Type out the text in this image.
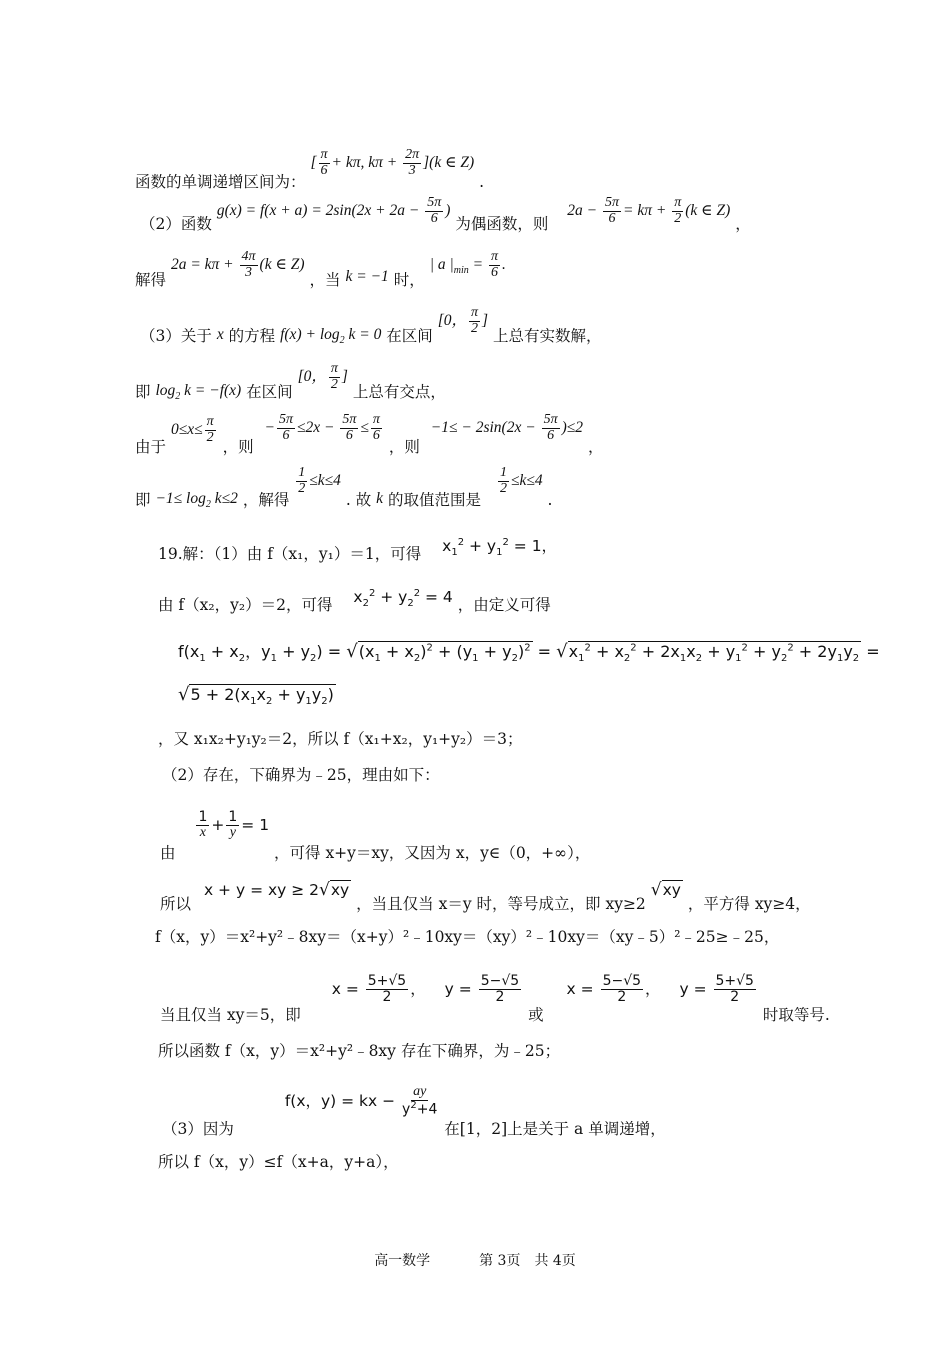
函数的单调递增区间为： [ $\frac{\pi}{6} + k\pi$, $k\pi + \frac{2\pi}{3} ](k$ ∈ Z) .
（2）函数 $g(x) = f(x + a) = 2\sin(2x + 2a - \frac{5\pi}{6}$ ) 为偶函数，则 $2a - \frac{5\pi}{6} = k\pi + \frac{\pi}{2} (k$ ∈ Z) ，
解得 $2a = k\pi + \frac{4\pi}{3} (k$ ∈ Z) ，当 k = −1 时， | a $|_{min} = \frac{\pi}{6}$ .
（3）关于 x 的方程 $f(x) + \log_2 k = 0$ 在区间 [0， $\frac{\pi}{2}$ ] 上总有实数解，
即 $\log_2 k = -f(x)$ 在区间 [0， $\frac{\pi}{2}$ ] 上总有交点，
由于 $0\le x\le \frac{\pi}{2}$
，则 − $\frac{5\pi}{6} \le 2x - \frac{5\pi}{6} \le \frac{\pi}{6}$
，则 $-1\le - 2\sin(2x - \frac{5\pi}{6} )\le 2$ ，
即 $-1\le \log_2 k\le 2$ ，解得
$\frac{1}{2} \le k\le 4$ . 故 k 的取值范围是
$\frac{1}{2} \le k\le 4$ .
19.解：（1）由 f（x₁，y₁）＝1，可得 $x_1^2 + y_1^2 = 1$，
由 f（x₂，y₂）＝2，可得 $x_2^2 + y_2^2 = 4$ ，由定义可得
$f(x_1 + x_2$，$y_1 + y_2) = √(x_1 + x_2)^2 + (y_1 + y_2)^2 = √x_1^2 + x_2^2 + 2x_1x_2 + y_1^2 + y_2^2 + 2y_1y_2$ =
$√5 + 2(x_1x_2 + y_1y_2)$
，又 x₁x₂+y₁y₂＝2，所以 f（x₁+x₂，y₁+y₂）＝3；
（2）存在，下确界为﹣25，理由如下：
由
$\frac{1}{x} + \frac{1}{y} = 1$ ，可得 x+y＝xy，又因为 x，y∈（0，+∞），
所以 x + y = xy ≥ 2√xy ，当且仅当 x＝y 时，等号成立，即 xy≥2 √xy ，平方得 xy≥4，
f（x，y）＝x²+y²﹣8xy＝（x+y）²﹣10xy＝（xy）²﹣10xy＝（xy﹣5）²﹣25≥﹣25，
当且仅当 xy＝5，即 $x = \frac{5+√5}{2}$ ， $y = \frac{5-√5}{2}$
或 $x = \frac{5-√5}{2}$ ， $y = \frac{5+√5}{2}$
时取等号.
所以函数 f（x，y）＝x²+y²﹣8xy 存在下确界，为﹣25；
（3）因为 f(x，y) = kx − $\frac{ay}{y^2+4}$
在[1，2]上是关于 a 单调递增，
所以 f（x，y）≤f（x+a，y+a），
高一数学	第 3页　共 4页
